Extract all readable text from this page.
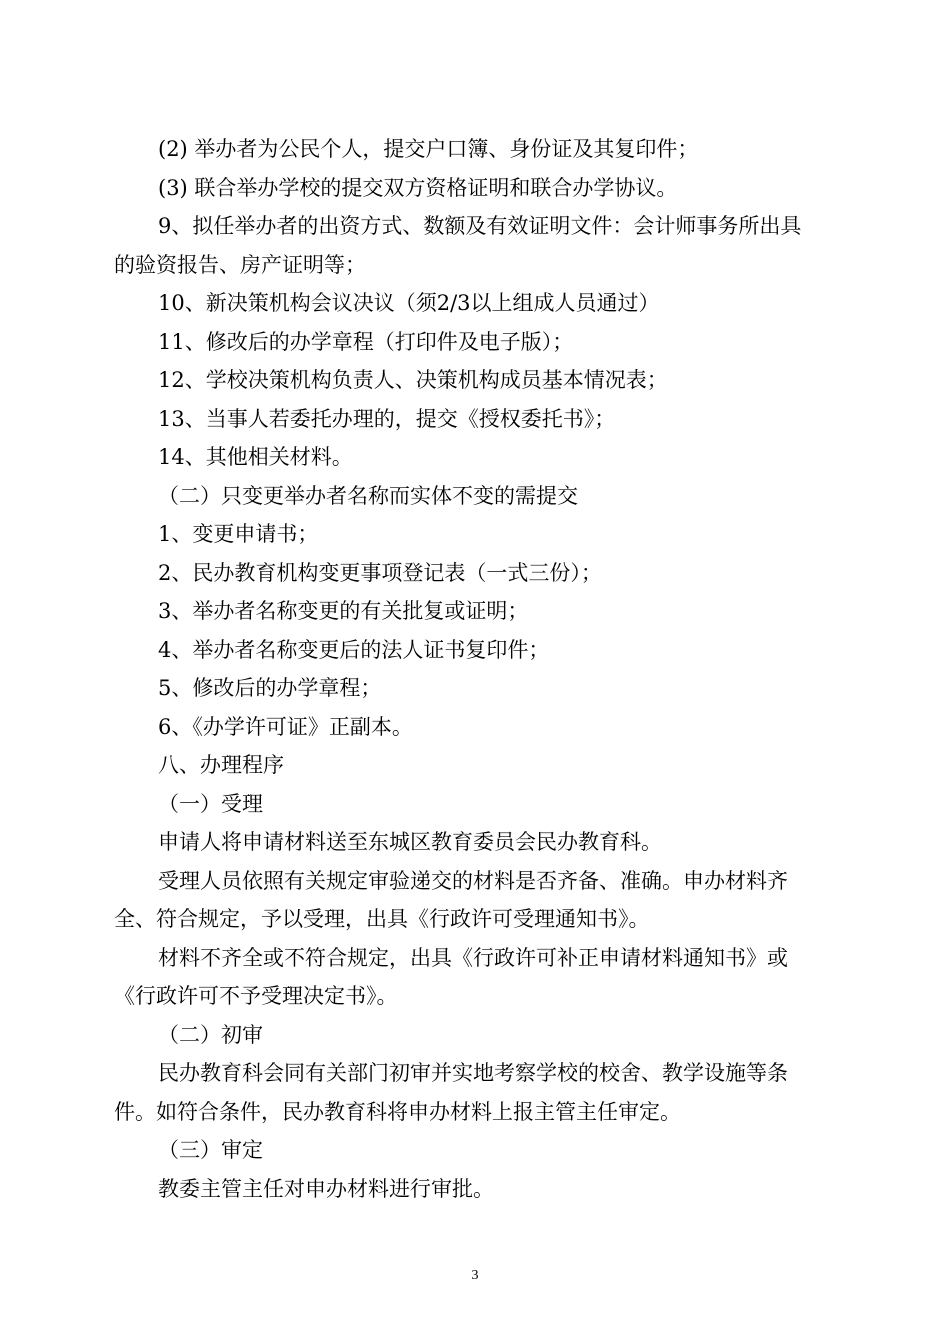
(2) 举办者为公民个人，提交户口簿、身份证及其复印件；

(3) 联合举办学校的提交双方资格证明和联合办学协议。

9、拟任举办者的出资方式、数额及有效证明文件：会计师事务所出具

的验资报告、房产证明等；

10、新决策机构会议决议（须2/3以上组成人员通过）

11、修改后的办学章程（打印件及电子版）；

12、学校决策机构负责人、决策机构成员基本情况表；

13、当事人若委托办理的，提交《授权委托书》；

14、其他相关材料。

（二）只变更举办者名称而实体不变的需提交

1、变更申请书；

2、民办教育机构变更事项登记表（一式三份）；

3、举办者名称变更的有关批复或证明；

4、举办者名称变更后的法人证书复印件；

5、修改后的办学章程；

6、《办学许可证》正副本。

八、办理程序

（一）受理

申请人将申请材料送至东城区教育委员会民办教育科。

受理人员依照有关规定审验递交的材料是否齐备、准确。申办材料齐

全、符合规定，予以受理，出具《行政许可受理通知书》。

材料不齐全或不符合规定，出具《行政许可补正申请材料通知书》或

《行政许可不予受理决定书》。

（二）初审

民办教育科会同有关部门初审并实地考察学校的校舍、教学设施等条

件。如符合条件，民办教育科将申办材料上报主管主任审定。

（三）审定

教委主管主任对申办材料进行审批。

3
